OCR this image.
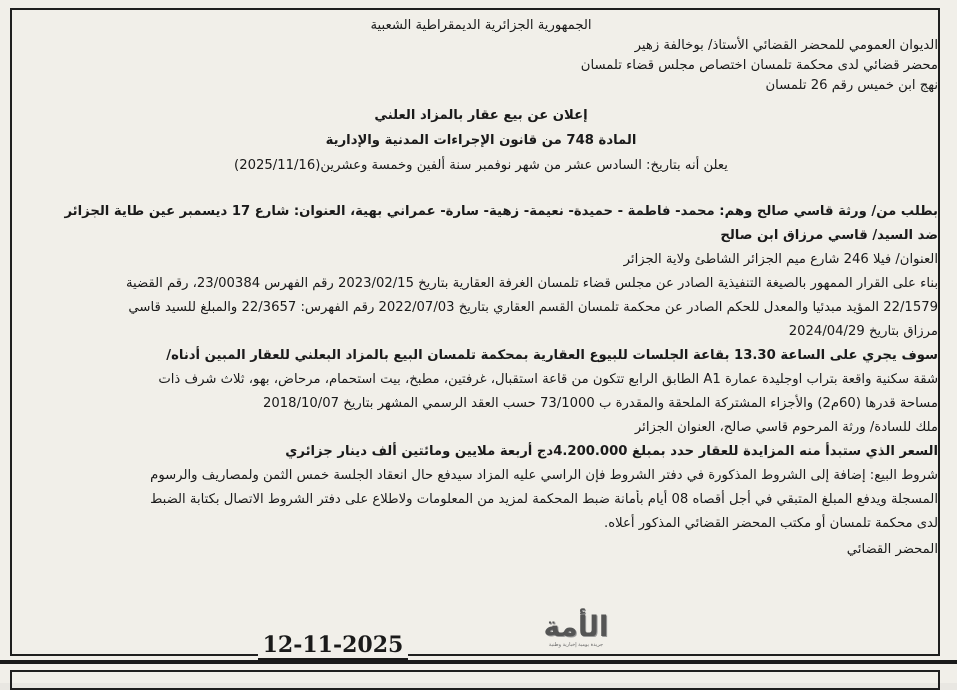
الجمهورية الجزائرية الديمقراطية الشعبية
الديوان العمومي للمحضر القضائي الأستاذ/ بوخالفة زهير
محضر قضائي لدى محكمة تلمسان اختصاص مجلس قضاء تلمسان
نهج ابن خميس رقم 26 تلمسان
إعلان عن بيع عقار بالمزاد العلني
المادة 748 من قانون الإجراءات المدنية والإدارية
يعلن أنه بتاريخ: السادس عشر من شهر نوفمبر سنة ألفين وخمسة وعشرين(2025/11/16)
بطلب من/ ورثة قاسي صالح وهم: محمد- فاطمة - حميدة- نعيمة- زهية- سارة- عمراني بهية، العنوان: شارع 17 ديسمبر عين طاية الجزائر
ضد السيد/ قاسي مرزاق ابن صالح
العنوان/ فيلا 246 شارع ميم الجزائر الشاطئ ولاية الجزائر
بناء على القرار الممهور بالصيغة التنفيذية الصادر عن مجلس قضاء تلمسان الغرفة العقارية بتاريخ 2023/02/15 رقم الفهرس 23/00384، رقم القضية
22/1579 المؤيد مبدئيا والمعدل للحكم الصادر عن محكمة تلمسان القسم العقاري بتاريخ 2022/07/03 رقم الفهرس: 22/3657 والمبلغ للسيد قاسي
مرزاق بتاريخ 2024/04/29
سوف يجري على الساعة 13.30 بقاعة الجلسات للبيوع العقارية بمحكمة تلمسان البيع بالمزاد البعلني للعقار المبين أدناه/
شقة سكنية واقعة بتراب اوجليدة عمارة A1 الطابق الرابع تتكون من قاعة استقبال، غرفتين، مطبخ، بيت استحمام، مرحاض، بهو، ثلاث شرف ذات
مساحة قدرها (60م2) والأجزاء المشتركة الملحقة والمقدرة ب 73/1000 حسب العقد الرسمي المشهر بتاريخ 2018/10/07
ملك للسادة/ ورثة المرحوم قاسي صالح، العنوان الجزائر
السعر الذي ستبدأ منه المزايدة للعقار حدد بمبلغ 4.200.000دج أربعة ملايين ومائتين ألف دينار جزائري
شروط البيع: إضافة إلى الشروط المذكورة في دفتر الشروط فإن الراسي عليه المزاد سيدفع حال انعقاد الجلسة خمس الثمن ولمصاريف والرسوم
المسجلة ويدفع المبلغ المتبقي في أجل أقصاه 08 أيام بأمانة ضبط المحكمة لمزيد من المعلومات ولاطلاع على دفتر الشروط الاتصال بكتابة الضبط
لدى محكمة تلمسان أو مكتب المحضر القضائي المذكور أعلاه.
المحضر القضائي
الأمة
جريدة يومية إخبارية وطنية
12-11-2025
